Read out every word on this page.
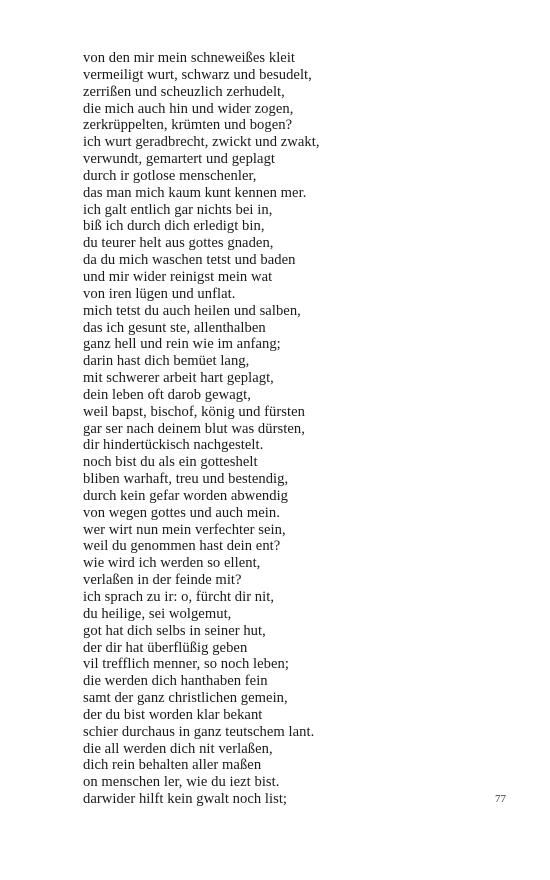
von den mir mein schneweißes kleit
vermeiligt wurt, schwarz und besudelt,
zerrißen und scheuzlich zerhudelt,
die mich auch hin und wider zogen,
zerkrüppelten, krümten und bogen?
ich wurt geradbrecht, zwickt und zwakt,
verwundt, gemartert und geplagt
durch ir gotlose menschenler,
das man mich kaum kunt kennen mer.
ich galt entlich gar nichts bei in,
biß ich durch dich erledigt bin,
du teurer helt aus gottes gnaden,
da du mich waschen tetst und baden
und mir wider reinigst mein wat
von iren lügen und unflat.
mich tetst du auch heilen und salben,
das ich gesunt ste, allenthalben
ganz hell und rein wie im anfang;
darin hast dich bemüet lang,
mit schwerer arbeit hart geplagt,
dein leben oft darob gewagt,
weil bapst, bischof, könig und fürsten
gar ser nach deinem blut was dürsten,
dir hindertückisch nachgestelt.
noch bist du als ein gotteshelt
bliben warhaft, treu und bestendig,
durch kein gefar worden abwendig
von wegen gottes und auch mein.
wer wirt nun mein verfechter sein,
weil du genommen hast dein ent?
wie wird ich werden so ellent,
verlaßen in der feinde mit?
ich sprach zu ir: o, fürcht dir nit,
du heilige, sei wolgemut,
got hat dich selbs in seiner hut,
der dir hat überflüßig geben
vil trefflich menner, so noch leben;
die werden dich hanthaben fein
samt der ganz christlichen gemein,
der du bist worden klar bekant
schier durchaus in ganz teutschem lant.
die all werden dich nit verlaßen,
dich rein behalten aller maßen
on menschen ler, wie du iezt bist.
darwider hilft kein gwalt noch list;	77
